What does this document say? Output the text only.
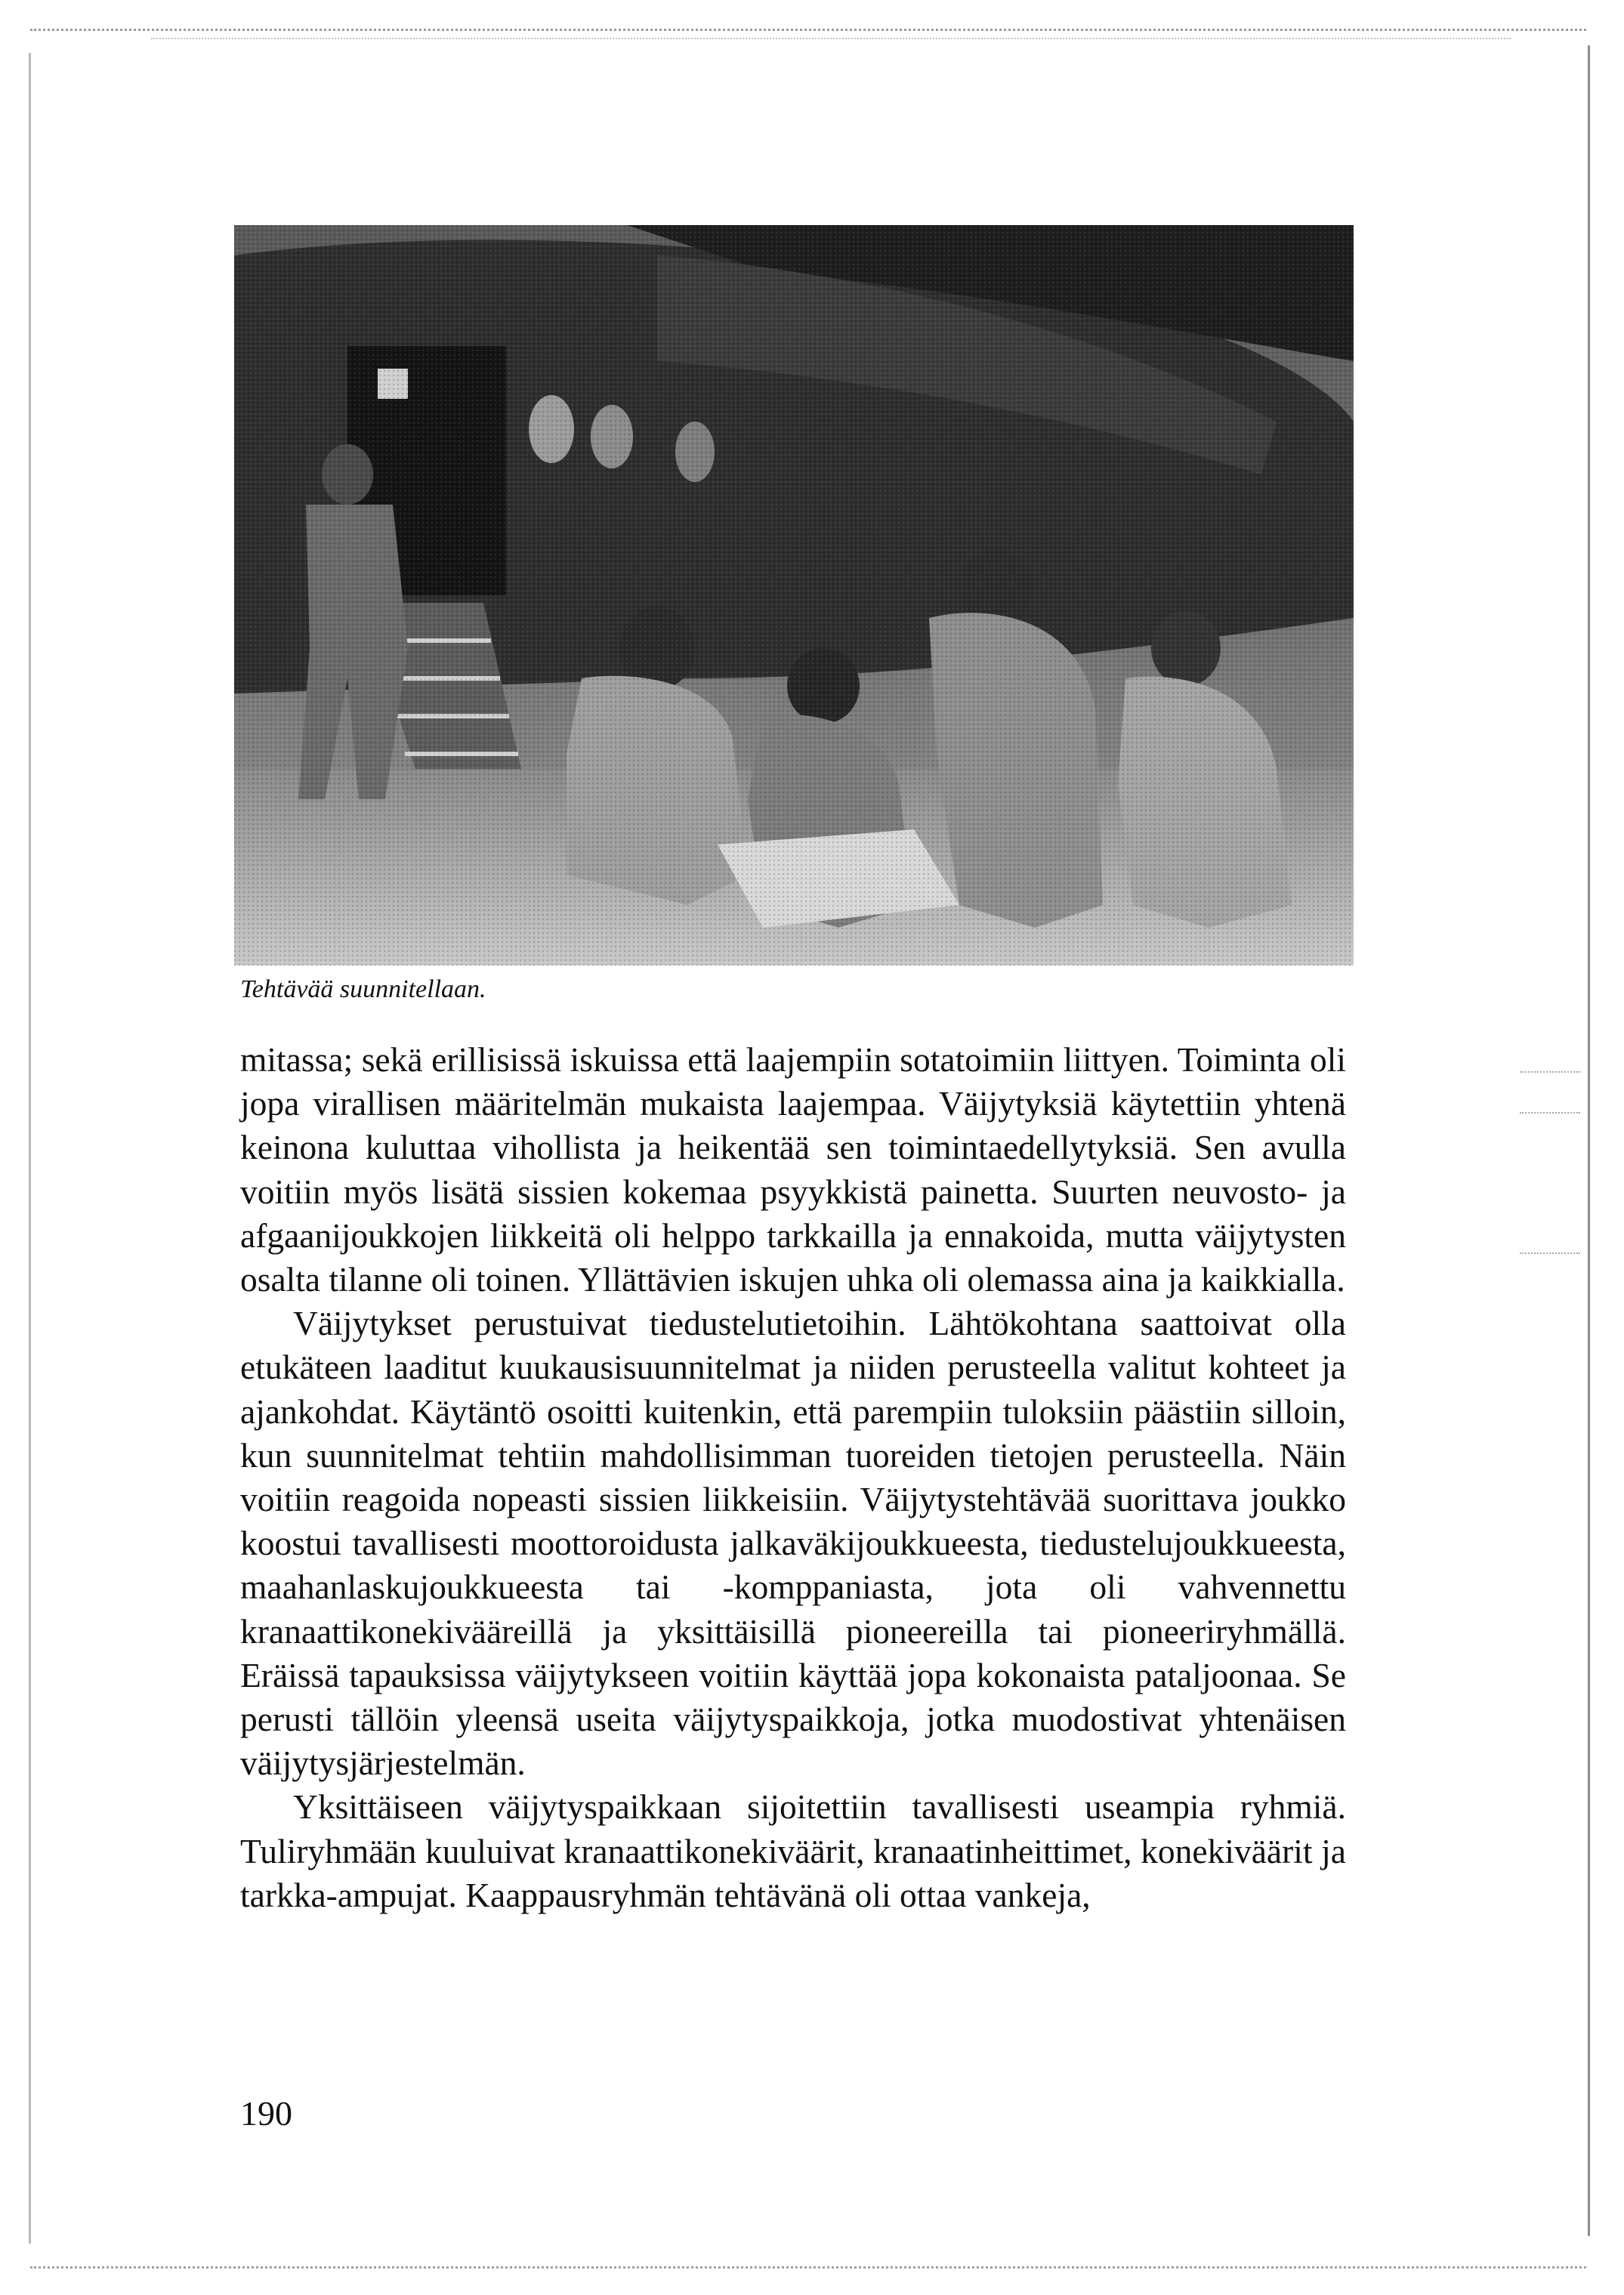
Tehtävää suunnitellaan.

mitassa; sekä erillisissä iskuissa että laajempiin sotatoimiin liittyen. Toiminta oli jopa virallisen määritelmän mukaista laajempaa. Väijytyksiä käytettiin yhtenä keinona kuluttaa vihollista ja heikentää sen toimintaedellytyksiä. Sen avulla voitiin myös lisätä sissien kokemaa psyykkistä painetta. Suurten neuvosto- ja afgaanijoukkojen liikkeitä oli helppo tarkkailla ja ennakoida, mutta väijytysten osalta tilanne oli toinen. Yllättävien iskujen uhka oli olemassa aina ja kaikkialla.

Väijytykset perustuivat tiedustelutietoihin. Lähtökohtana saattoivat olla etukäteen laaditut kuukausisuunnitelmat ja niiden perusteella valitut kohteet ja ajankohdat. Käytäntö osoitti kuitenkin, että parempiin tuloksiin päästiin silloin, kun suunnitelmat tehtiin mahdollisimman tuoreiden tietojen perusteella. Näin voitiin reagoida nopeasti sissien liikkeisiin. Väijytystehtävää suorittava joukko koostui tavallisesti moottoroidusta jalkaväkijoukkueesta, tiedustelujoukkueesta, maahanlaskujoukkueesta tai -komppaniasta, jota oli vahvennettu kranaattikonekivääreillä ja yksittäisillä pioneereilla tai pioneeriryhmällä. Eräissä tapauksissa väijytykseen voitiin käyttää jopa kokonaista pataljoonaa. Se perusti tällöin yleensä useita väijytyspaikkoja, jotka muodostivat yhtenäisen väijytysjärjestelmän.

Yksittäiseen väijytyspaikkaan sijoitettiin tavallisesti useampia ryhmiä. Tuliryhmään kuuluivat kranaattikonekiväärit, kranaatinheittimet, konekiväärit ja tarkka-ampujat. Kaappausryhmän tehtävänä oli ottaa vankeja,

190
